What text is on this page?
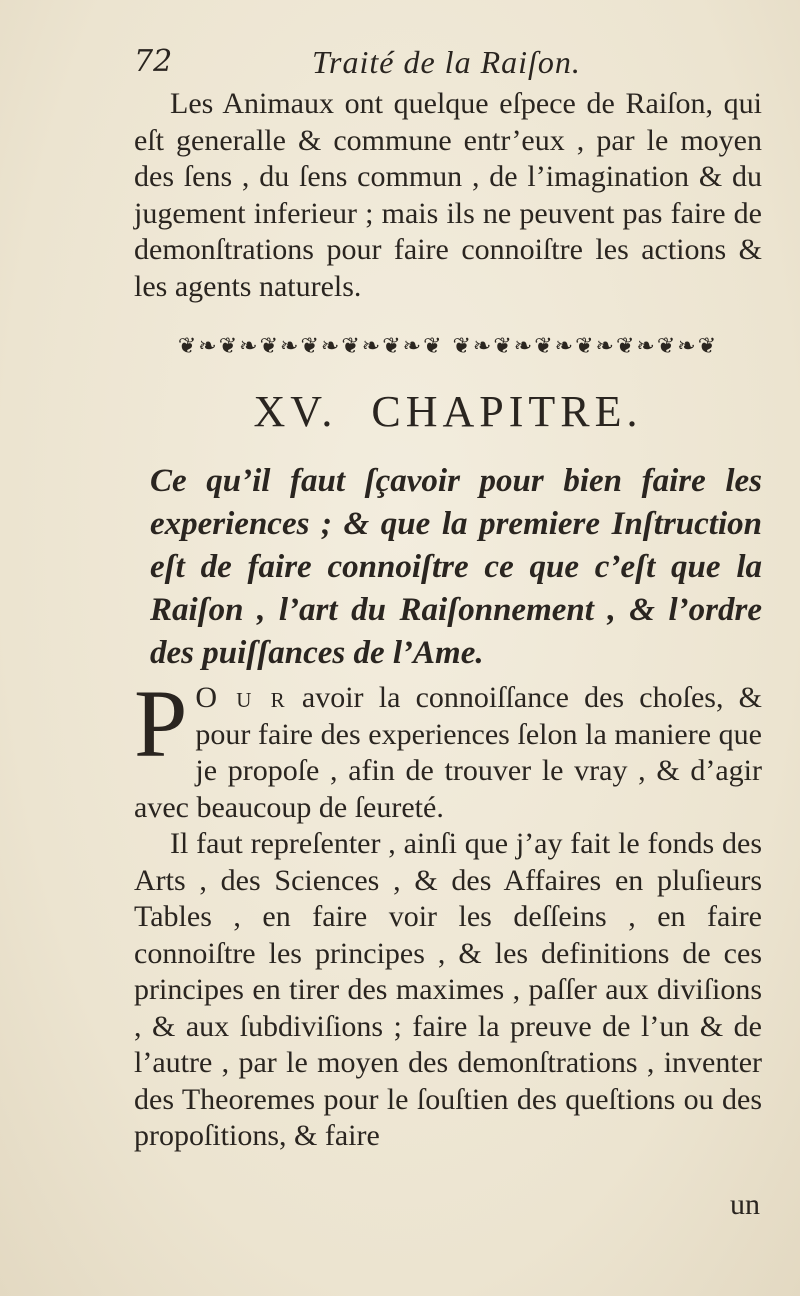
72	Traité de la Raiſon.
Les Animaux ont quelque eſpece de Raiſon, qui eſt generalle & commune entr’eux , par le moyen des ſens , du ſens commun , de l’imagination & du jugement inferieur ; mais ils ne peuvent pas faire de demonſtrations pour faire connoiſtre les actions & les agents naturels.
❦❧❦❧❦❧❦❧❦❧❦❧❦ ❦❧❦❧❦❧❦❧❦❧❦❧❦
XV. CHAPITRE.
Ce qu’il faut ſçavoir pour bien faire les experiences ; & que la premiere Inſtruction eſt de faire connoiſtre ce que c’eſt que la Raiſon , l’art du Raiſonnement , & l’ordre des puiſſances de l’Ame.

P O u r avoir la connoiſſance des choſes, & pour faire des experiences ſelon la maniere que je propoſe , afin de trouver le vray , & d’agir avec beaucoup de ſeureté.

Il faut repreſenter , ainſi que j’ay fait le fonds des Arts , des Sciences , & des Affaires en pluſieurs Tables , en faire voir les deſſeins , en faire connoiſtre les principes , & les definitions de ces principes en tirer des maximes , paſſer aux diviſions , & aux ſubdiviſions ; faire la preuve de l’un & de l’autre , par le moyen des demonſtrations , inventer des Theoremes pour le ſouſtien des queſtions ou des propoſitions, & faire

un
